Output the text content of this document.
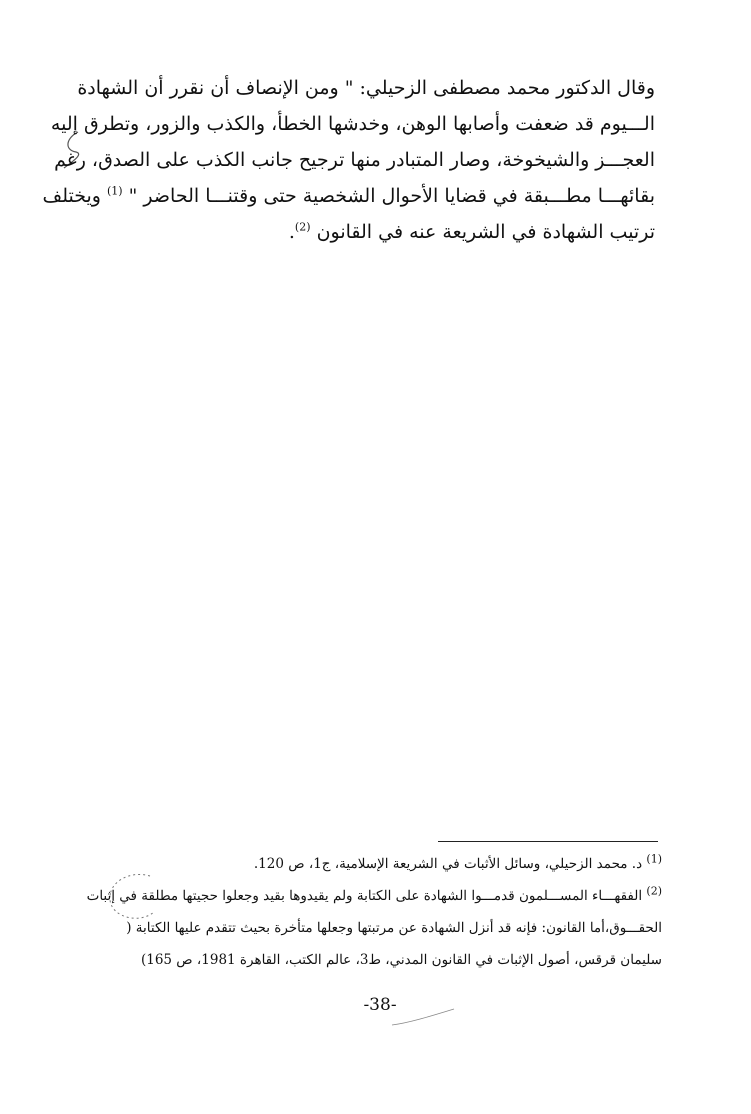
وقال الدكتور محمد مصطفى الزحيلي: " ومن الإنصاف أن نقرر أن الشهادة
الـــيوم قد ضعفت وأصابها الوهن، وخدشها الخطأ، والكذب والزور، وتطرق إليه
العجـــز والشيخوخة، وصار المتبادر منها ترجيح جانب الكذب على الصدق، رغم
بقائهـــا مطـــبقة في قضايا الأحوال الشخصية حتى وقتنـــا الحاضر " $^{(1)}$ ويختلف
ترتيب الشهادة في الشريعة عنه في القانون $^{(2)}$.
$^{(1)}$ د. محمد الزحيلي، وسائل الأثبات في الشريعة الإسلامية، ج1، ص 120.
$^{(2)}$ الفقهـــاء المســـلمون قدمـــوا الشهادة على الكتابة ولم يقيدوها بقيد وجعلوا حجيتها مطلقة في إثبات
الحقـــوق،أما القانون: فإنه قد أنزل الشهادة عن مرتبتها وجعلها متأخرة بحيث تتقدم عليها الكتابة (
سليمان قرقس، أصول الإثبات في القانون المدني، ط3، عالم الكتب، القاهرة 1981، ص 165)
-38-
